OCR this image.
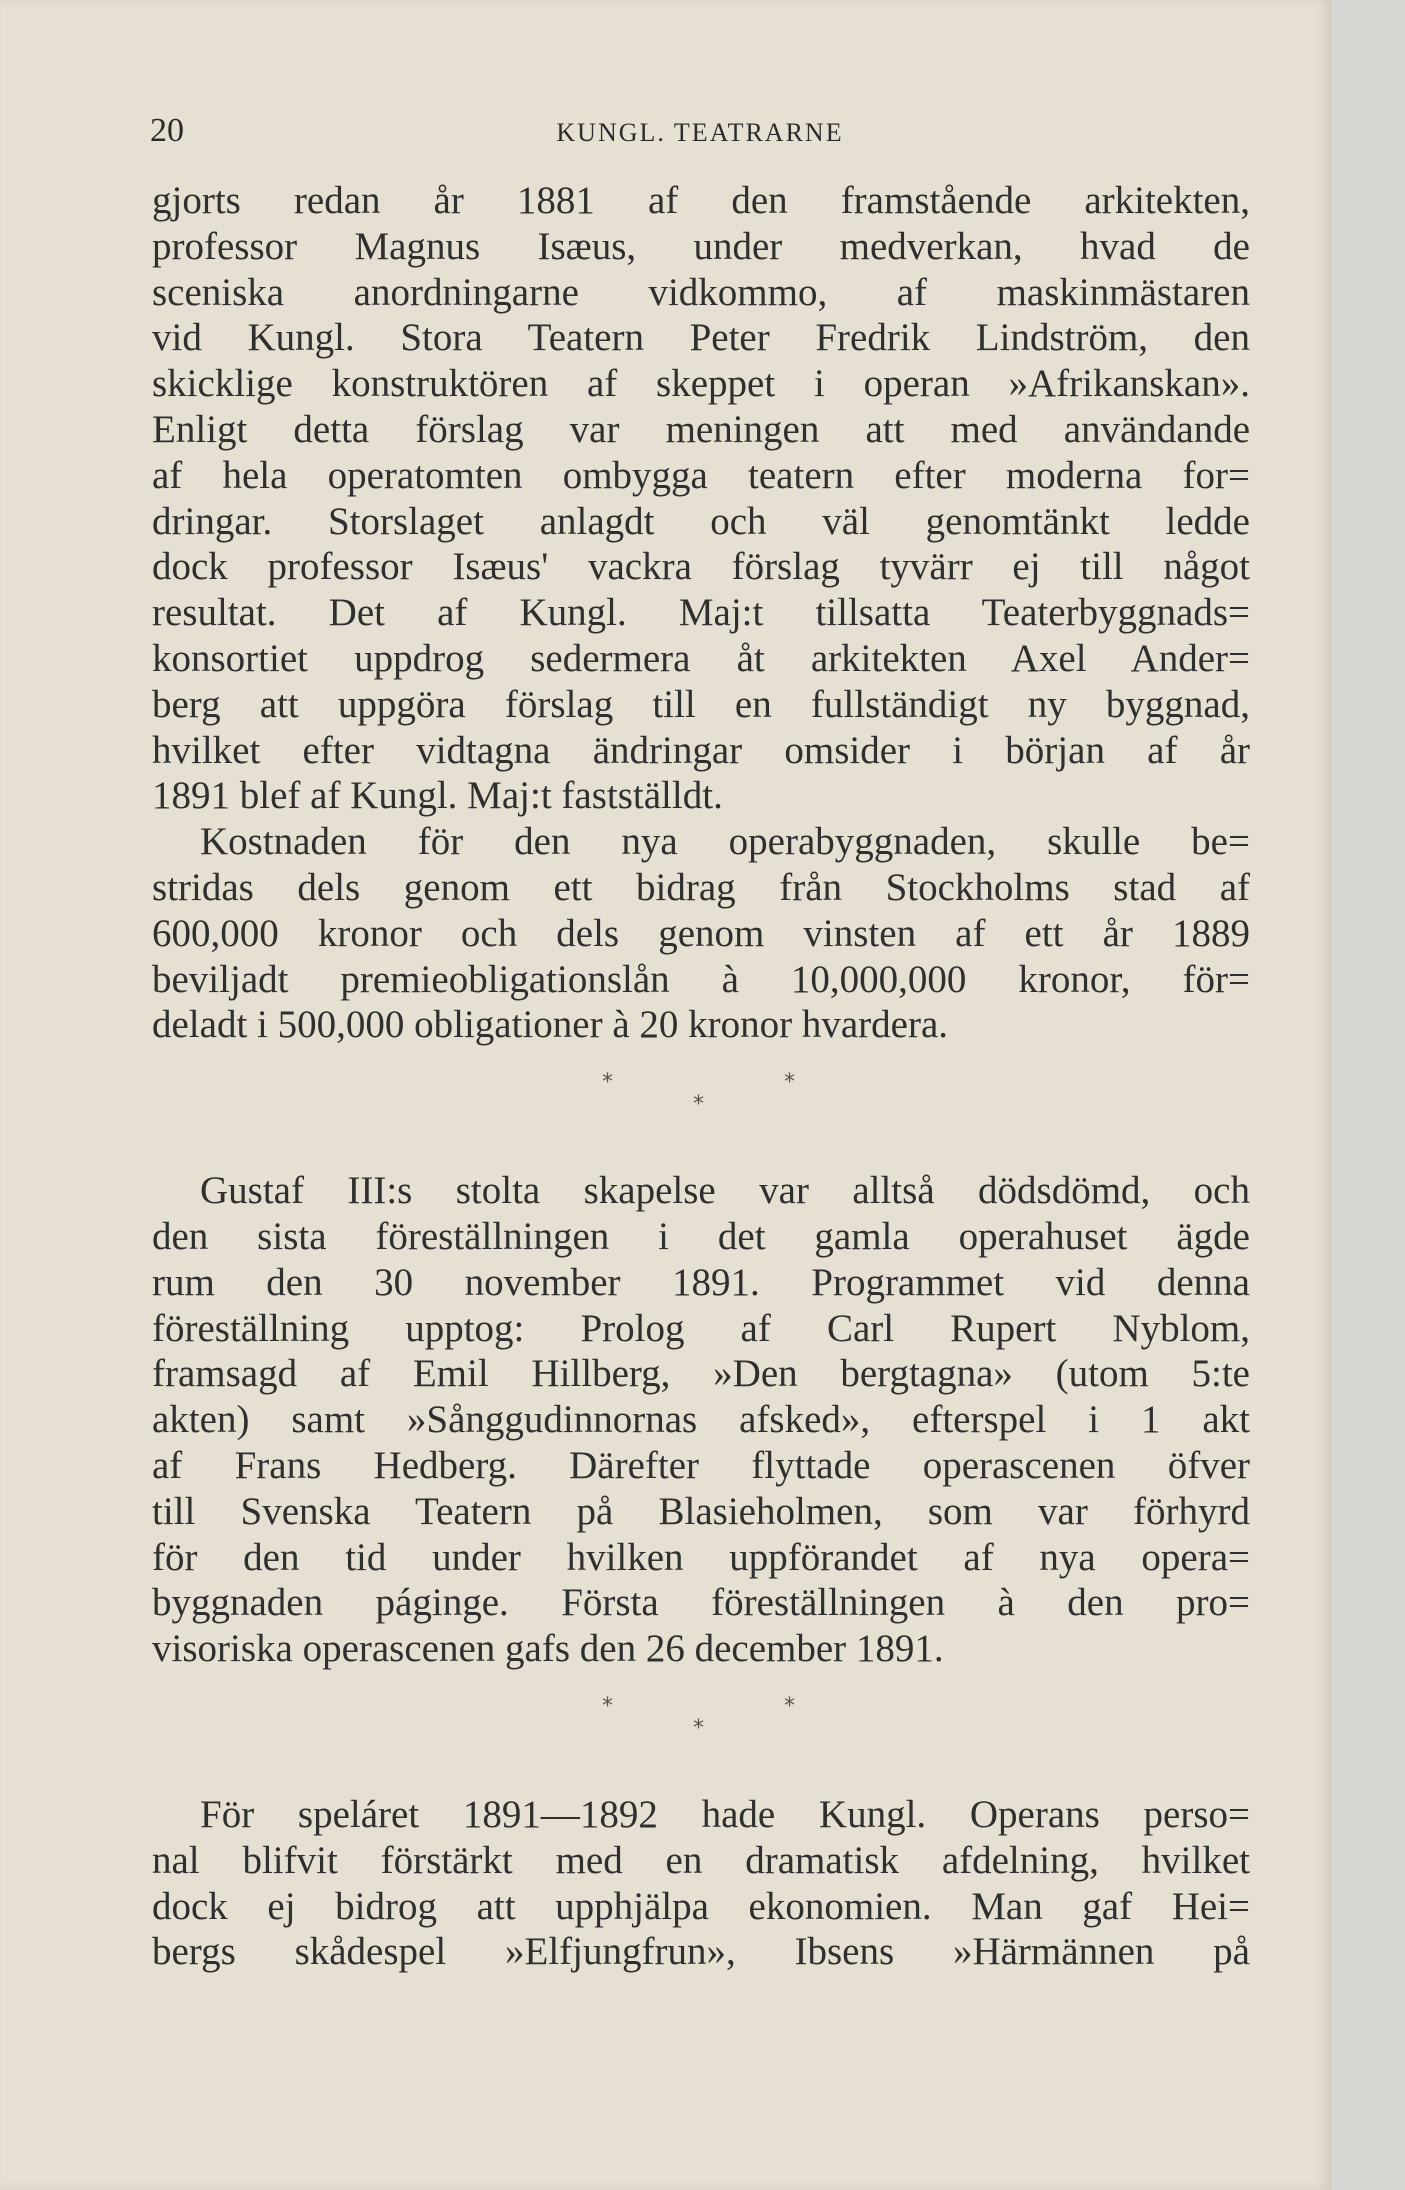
20	KUNGL. TEATRARNE
gjorts redan år 1881 af den framstående arkitekten,
professor Magnus Isæus, under medverkan, hvad de
sceniska anordningarne vidkommo, af maskinmästaren
vid Kungl. Stora Teatern Peter Fredrik Lindström, den
skicklige konstruktören af skeppet i operan »Afrikanskan».
Enligt detta förslag var meningen att med användande
af hela operatomten ombygga teatern efter moderna for=
dringar. Storslaget anlagdt och väl genomtänkt ledde
dock professor Isæus' vackra förslag tyvärr ej till något
resultat. Det af Kungl. Maj:t tillsatta Teaterbyggnads=
konsortiet uppdrog sedermera åt arkitekten Axel Ander=
berg att uppgöra förslag till en fullständigt ny byggnad,
hvilket efter vidtagna ändringar omsider i början af år
1891 blef af Kungl. Maj:t fastställdt.
Kostnaden för den nya operabyggnaden, skulle be=
stridas dels genom ett bidrag från Stockholms stad af
600,000 kronor och dels genom vinsten af ett år 1889
beviljadt premieobligationslån à 10,000,000 kronor, för=
deladt i 500,000 obligationer à 20 kronor hvardera.
*	*
*
Gustaf III:s stolta skapelse var alltså dödsdömd, och
den sista föreställningen i det gamla operahuset ägde
rum den 30 november 1891. Programmet vid denna
föreställning upptog: Prolog af Carl Rupert Nyblom,
framsagd af Emil Hillberg, »Den bergtagna» (utom 5:te
akten) samt »Sånggudinnornas afsked», efterspel i 1 akt
af Frans Hedberg. Därefter flyttade operascenen öfver
till Svenska Teatern på Blasieholmen, som var förhyrd
för den tid under hvilken uppförandet af nya opera=
byggnaden páginge. Första föreställningen à den pro=
visoriska operascenen gafs den 26 december 1891.
*	*
*
För speláret 1891—1892 hade Kungl. Operans perso=
nal blifvit förstärkt med en dramatisk afdelning, hvilket
dock ej bidrog att upphjälpa ekonomien. Man gaf Hei=
bergs skådespel »Elfjungfrun», Ibsens »Härmännen på
